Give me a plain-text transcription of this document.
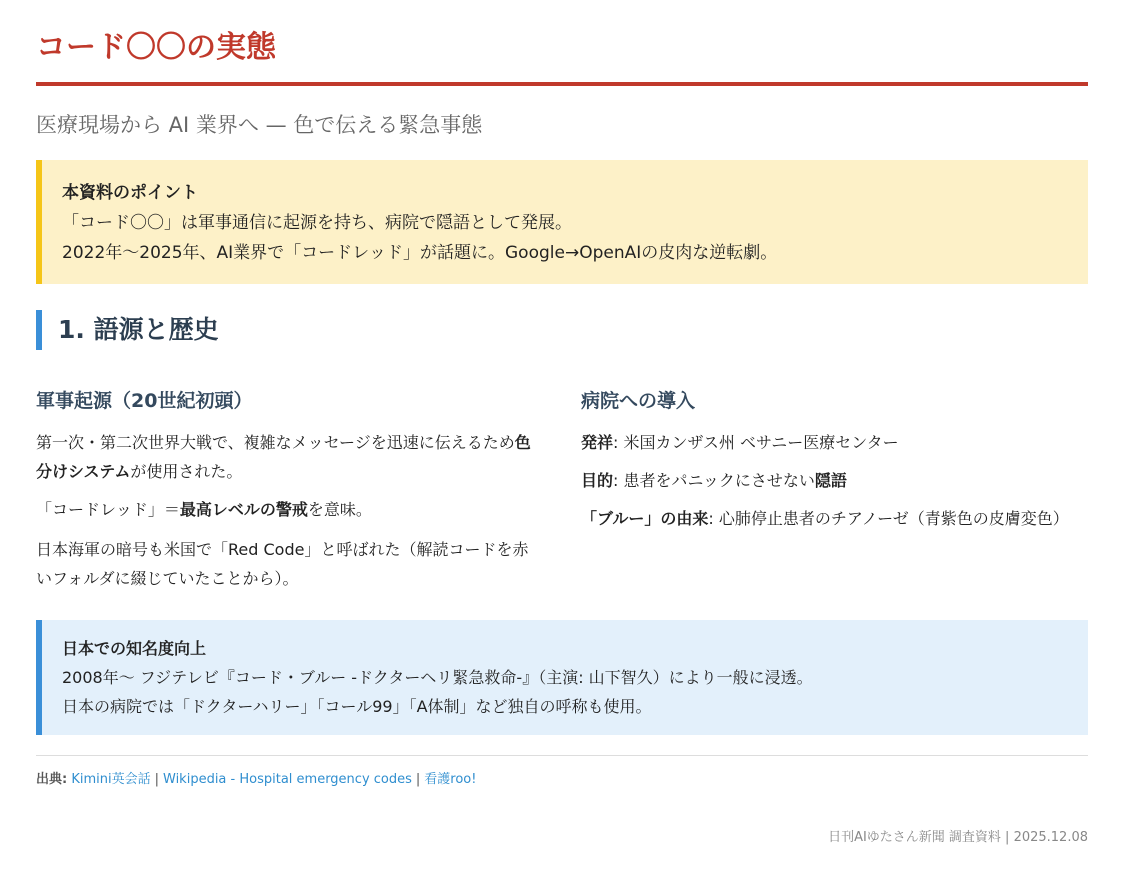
コード〇〇の実態
医療現場から AI 業界へ — 色で伝える緊急事態
本資料のポイント
「コード〇〇」は軍事通信に起源を持ち、病院で隠語として発展。
2022年〜2025年、AI業界で「コードレッド」が話題に。Google→OpenAIの皮肉な逆転劇。
1. 語源と歴史
軍事起源（20世紀初頭）

第一次・第二次世界大戦で、複雑なメッセージを迅速に伝えるため色分けシステムが使用された。

「コードレッド」＝最高レベルの警戒を意味。

日本海軍の暗号も米国で「Red Code」と呼ばれた（解読コードを赤いフォルダに綴じていたことから）。

病院への導入

発祥: 米国カンザス州 ベサニー医療センター

目的: 患者をパニックにさせない隠語

「ブルー」の由来: 心肺停止患者のチアノーゼ（青紫色の皮膚変色）

日本での知名度向上
2008年〜 フジテレビ『コード・ブルー -ドクターヘリ緊急救命-』（主演: 山下智久）により一般に浸透。
日本の病院では「ドクターハリー」「コール99」「A体制」など独自の呼称も使用。
出典: Kimini英会話 | Wikipedia - Hospital emergency codes | 看護roo!
日刊AIゆたさん新聞 調査資料 | 2025.12.08
